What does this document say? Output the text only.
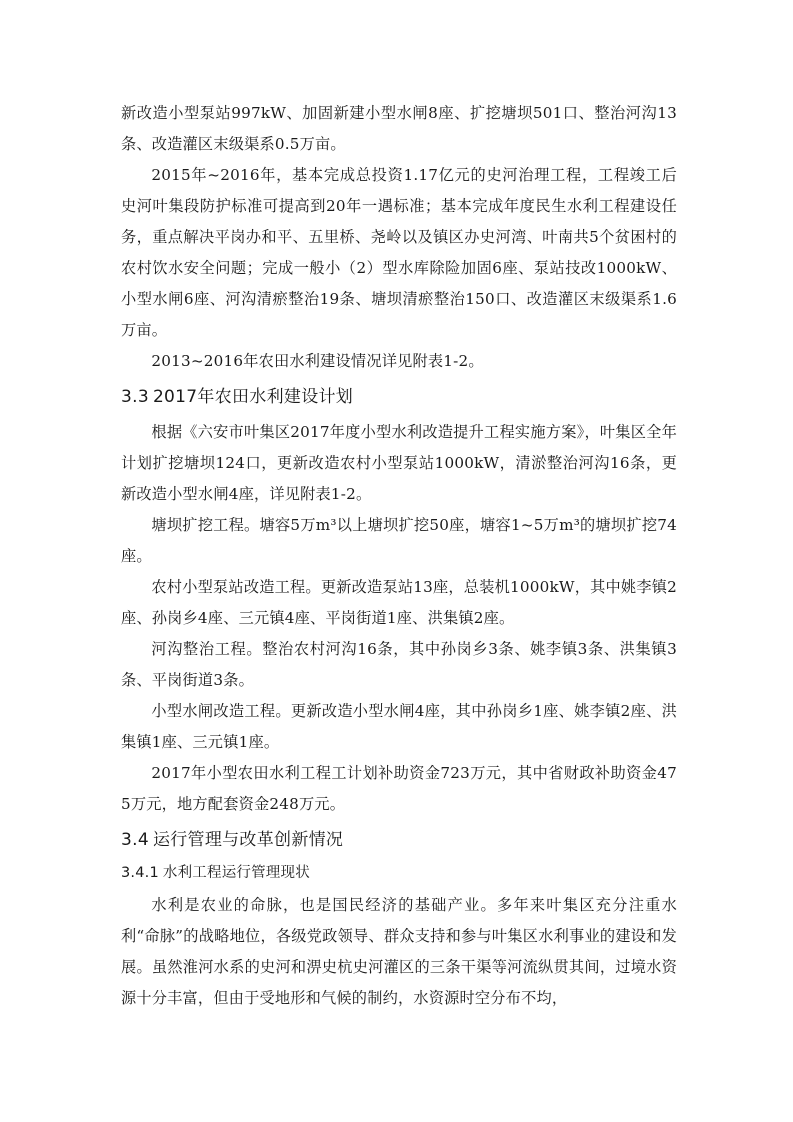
新改造小型泵站997kW、加固新建小型水闸8座、扩挖塘坝501口、整治河沟13条、改造灌区末级渠系0.5万亩。

2015年~2016年，基本完成总投资1.17亿元的史河治理工程，工程竣工后史河叶集段防护标准可提高到20年一遇标准；基本完成年度民生水利工程建设任务，重点解决平岗办和平、五里桥、尧岭以及镇区办史河湾、叶南共5个贫困村的农村饮水安全问题；完成一般小（2）型水库除险加固6座、泵站技改1000kW、小型水闸6座、河沟清瘀整治19条、塘坝清瘀整治150口、改造灌区末级渠系1.6万亩。

2013~2016年农田水利建设情况详见附表1-2。

3.3 2017年农田水利建设计划

根据《六安市叶集区2017年度小型水利改造提升工程实施方案》，叶集区全年计划扩挖塘坝124口，更新改造农村小型泵站1000kW，清淤整治河沟16条，更新改造小型水闸4座，详见附表1-2。

塘坝扩挖工程。塘容5万m³以上塘坝扩挖50座，塘容1~5万m³的塘坝扩挖74座。

农村小型泵站改造工程。更新改造泵站13座，总装机1000kW，其中姚李镇2座、孙岗乡4座、三元镇4座、平岗街道1座、洪集镇2座。

河沟整治工程。整治农村河沟16条，其中孙岗乡3条、姚李镇3条、洪集镇3条、平岗街道3条。

小型水闸改造工程。更新改造小型水闸4座，其中孙岗乡1座、姚李镇2座、洪集镇1座、三元镇1座。

2017年小型农田水利工程工计划补助资金723万元，其中省财政补助资金475万元，地方配套资金248万元。

3.4 运行管理与改革创新情况
3.4.1 水利工程运行管理现状

水利是农业的命脉，也是国民经济的基础产业。多年来叶集区充分注重水利“命脉”的战略地位，各级党政领导、群众支持和参与叶集区水利事业的建设和发展。虽然淮河水系的史河和淠史杭史河灌区的三条干渠等河流纵贯其间，过境水资源十分丰富，但由于受地形和气候的制约，水资源时空分布不均，
